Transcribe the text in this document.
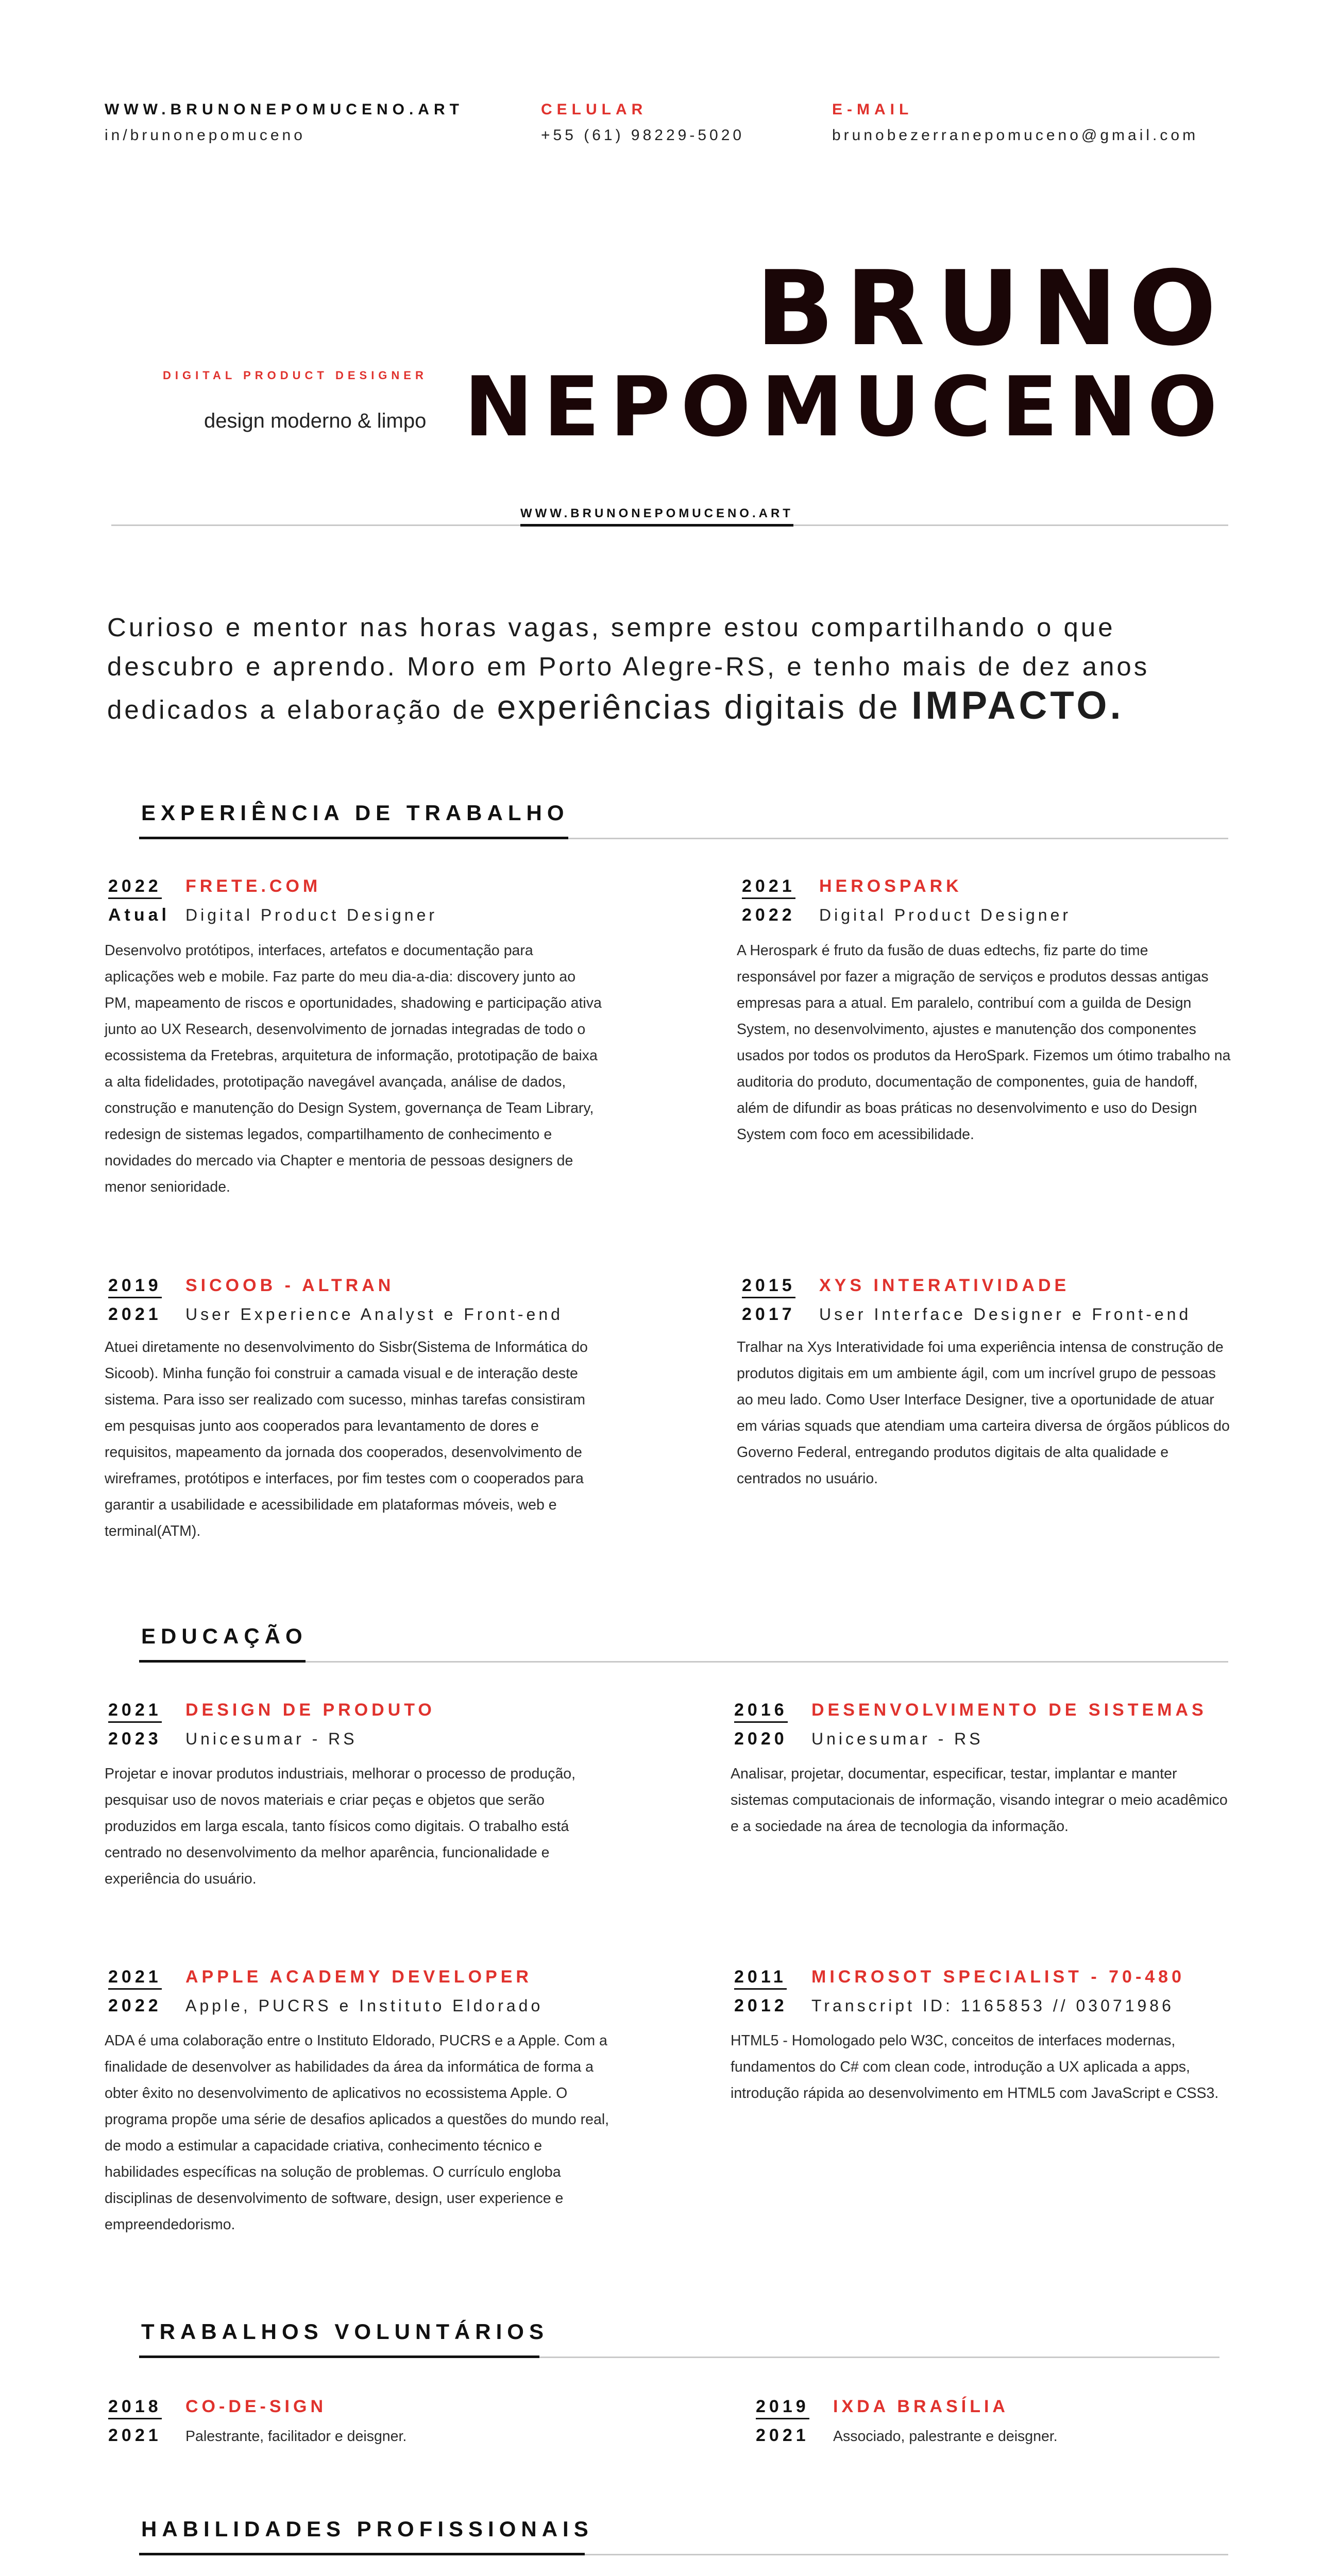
WWW.BRUNONEPOMUCENO.ART
in/brunonepomuceno
CELULAR
+55 (61) 98229-5020
E-MAIL
brunobezerranepomuceno@gmail.com
DIGITAL PRODUCT DESIGNER
design moderno & limpo
BRUNO
NEPOMUCENO
WWW.BRUNONEPOMUCENO.ART
Curioso e mentor nas horas vagas, sempre estou compartilhando o que
descubro e aprendo. Moro em Porto Alegre-RS, e tenho mais de dez anos
dedicados a elaboração de experiências digitais de IMPACTO.
EXPERIÊNCIA DE TRABALHO
2022	FRETE.COM
Atual Digital Product Designer
Desenvolvo protótipos, interfaces, artefatos e documentação para aplicações web e mobile. Faz parte do meu dia-a-dia: discovery junto ao PM, mapeamento de riscos e oportunidades, shadowing e participação ativa junto ao UX Research, desenvolvimento de jornadas integradas de todo o ecossistema da Fretebras, arquitetura de informação, prototipação de baixa a alta fidelidades, prototipação navegável avançada, análise de dados, construção e manutenção do Design System, governança de Team Library, redesign de sistemas legados, compartilhamento de conhecimento e novidades do mercado via Chapter e mentoria de pessoas designers de menor senioridade.
2021	HEROSPARK
2022	Digital Product Designer
A Herospark é fruto da fusão de duas edtechs, fiz parte do time responsável por fazer a migração de serviços e produtos dessas antigas empresas para a atual. Em paralelo, contribuí com a guilda de Design System, no desenvolvimento, ajustes e manutenção dos componentes usados por todos os produtos da HeroSpark. Fizemos um ótimo trabalho na auditoria do produto, documentação de componentes, guia de handoff, além de difundir as boas práticas no desenvolvimento e uso do Design System com foco em acessibilidade.
2019	SICOOB - ALTRAN
2021	User Experience Analyst e Front-end
Atuei diretamente no desenvolvimento do Sisbr(Sistema de Informática do Sicoob). Minha função foi construir a camada visual e de interação deste sistema. Para isso ser realizado com sucesso, minhas tarefas consistiram em pesquisas junto aos cooperados para levantamento de dores e requisitos, mapeamento da jornada dos cooperados, desenvolvimento de wireframes, protótipos e interfaces, por fim testes com o cooperados para garantir a usabilidade e acessibilidade em plataformas móveis, web e terminal(ATM).
2015	XYS INTERATIVIDADE
2017	User Interface Designer e Front-end
Tralhar na Xys Interatividade foi uma experiência intensa de construção de produtos digitais em um ambiente ágil, com um incrível grupo de pessoas ao meu lado. Como User Interface Designer, tive a oportunidade de atuar em várias squads que atendiam uma carteira diversa de órgãos públicos do Governo Federal, entregando produtos digitais de alta qualidade e centrados no usuário.
EDUCAÇÃO
2021	DESIGN DE PRODUTO
2023	Unicesumar - RS
Projetar e inovar produtos industriais, melhorar o processo de produção, pesquisar uso de novos materiais e criar peças e objetos que serão produzidos em larga escala, tanto físicos como digitais. O trabalho está centrado no desenvolvimento da melhor aparência, funcionalidade e experiência do usuário.
2016	DESENVOLVIMENTO DE SISTEMAS
2020	Unicesumar - RS
Analisar, projetar, documentar, especificar, testar, implantar e manter sistemas computacionais de informação, visando integrar o meio acadêmico e a sociedade na área de tecnologia da informação.
2021	APPLE ACADEMY DEVELOPER
2022	Apple, PUCRS e Instituto Eldorado
ADA é uma colaboração entre o Instituto Eldorado, PUCRS e a Apple. Com a finalidade de desenvolver as habilidades da área da informática de forma a obter êxito no desenvolvimento de aplicativos no ecossistema Apple. O programa propõe uma série de desafios aplicados a questões do mundo real, de modo a estimular a capacidade criativa, conhecimento técnico e habilidades específicas na solução de problemas. O currículo engloba disciplinas de desenvolvimento de software, design, user experience e empreendedorismo.
2011	MICROSOT SPECIALIST - 70-480
2012	Transcript ID: 1165853 // 03071986
HTML5 - Homologado pelo W3C, conceitos de interfaces modernas, fundamentos do C# com clean code, introdução a UX aplicada a apps, introdução rápida ao desenvolvimento em HTML5 com JavaScript e CSS3.
TRABALHOS VOLUNTÁRIOS
2018	CO-DE-SIGN
2021	Palestrante, facilitador e deisgner.
2019	IXDA BRASÍLIA
2021	Associado, palestrante e deisgner.
HABILIDADES PROFISSIONAIS
